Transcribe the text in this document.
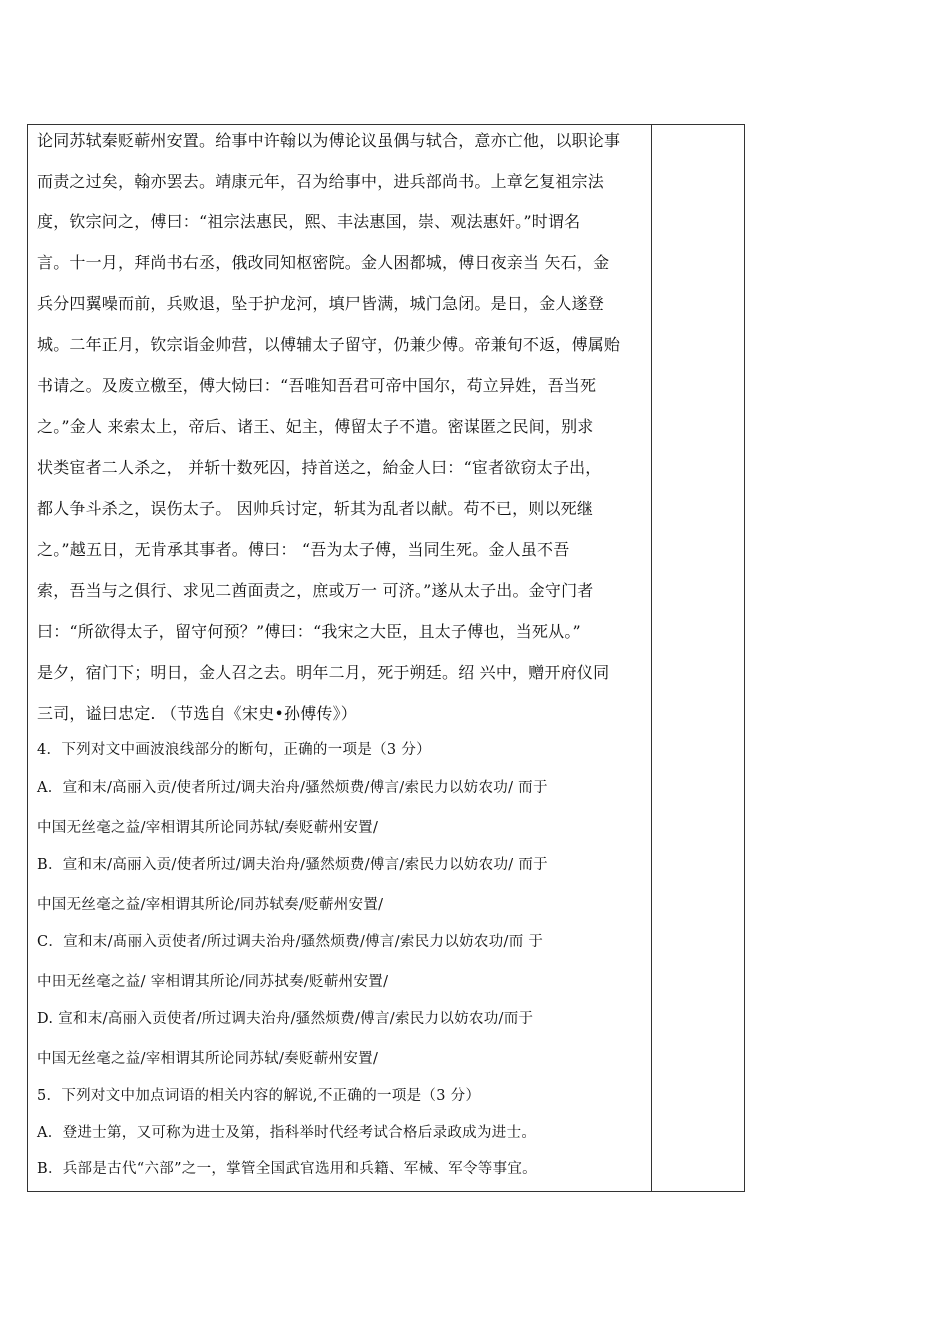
论同苏轼秦贬蕲州安置。给事中许翰以为傅论议虽偶与轼合，意亦亡他，以职论事
而责之过矣，翰亦罢去。靖康元年，召为给事中，进兵部尚书。上章乞复祖宗法
度，钦宗问之，傅曰：“祖宗法惠民，熙、丰法惠国，崇、观法惠奸。”时谓名
言。十一月，拜尚书右丞，俄改同知枢密院。金人困都城，傅日夜亲当 矢石，金
兵分四翼噪而前，兵败退，坠于护龙河，填尸皆满，城门急闭。是日，金人遂登
城。二年正月，钦宗诣金帅营，以傅辅太子留守，仍兼少傅。帝兼旬不返，傅属贻
书请之。及废立檄至，傅大恸曰：“吾唯知吾君可帝中国尔，苟立异姓，吾当死
之。”金人 来索太上，帝后、诸王、妃主，傅留太子不遣。密谋匿之民间，别求
状类宦者二人杀之， 并斩十数死囚，持首送之，紿金人曰：“宦者欲窃太子出，
都人争斗杀之，误伤太子。 因帅兵讨定，斩其为乱者以献。苟不已，则以死继
之。”越五日，无肯承其事者。傅曰： “吾为太子傅，当同生死。金人虽不吾
索，吾当与之俱行、求见二酋面责之，庶或万一 可济。”遂从太子出。金守门者
曰：“所欲得太子，留守何预？”傅曰：“我宋之大臣，且太子傅也，当死从。”
是夕，宿门下；明日，金人召之去。明年二月，死于朔廷。绍 兴中，赠开府仪同
三司，谥曰忠定. （节选自《宋史•孙傅传》）
4．下列对文中画波浪线部分的断句，正确的一项是（3 分）
A．宣和末/高丽入贡/使者所过/调夫治舟/骚然烦费/傅言/索民力以妨农功/ 而于
中国无丝毫之益/宰相谓其所论同苏轼/奏贬蕲州安置/
B．宣和末/高丽入贡/使者所过/调夫治舟/骚然烦费/傅言/索民力以妨农功/ 而于
中国无丝毫之益/宰相谓其所论/同苏轼奏/贬蕲州安置/
C．宣和末/髙丽入贡使者/所过调夫治舟/骚然烦费/傅言/索民力以妨农功/而 于
中田无丝毫之益/ 宰相谓其所论/同苏拭奏/贬蕲州安置/
D. 宣和末/高丽入贡使者/所过调夫治舟/骚然烦费/傅言/索民力以妨农功/而于
中国无丝毫之益/宰相谓其所论同苏轼/奏贬蕲州安置/
5．下列对文中加点词语的相关内容的解说,不正确的一项是（3 分）
A．登进士第，又可称为进士及第，指科举时代经考试合格后录政成为进士。
B．兵部是古代“六部”之一，掌管全国武官选用和兵籍、军械、军令等事宜。
